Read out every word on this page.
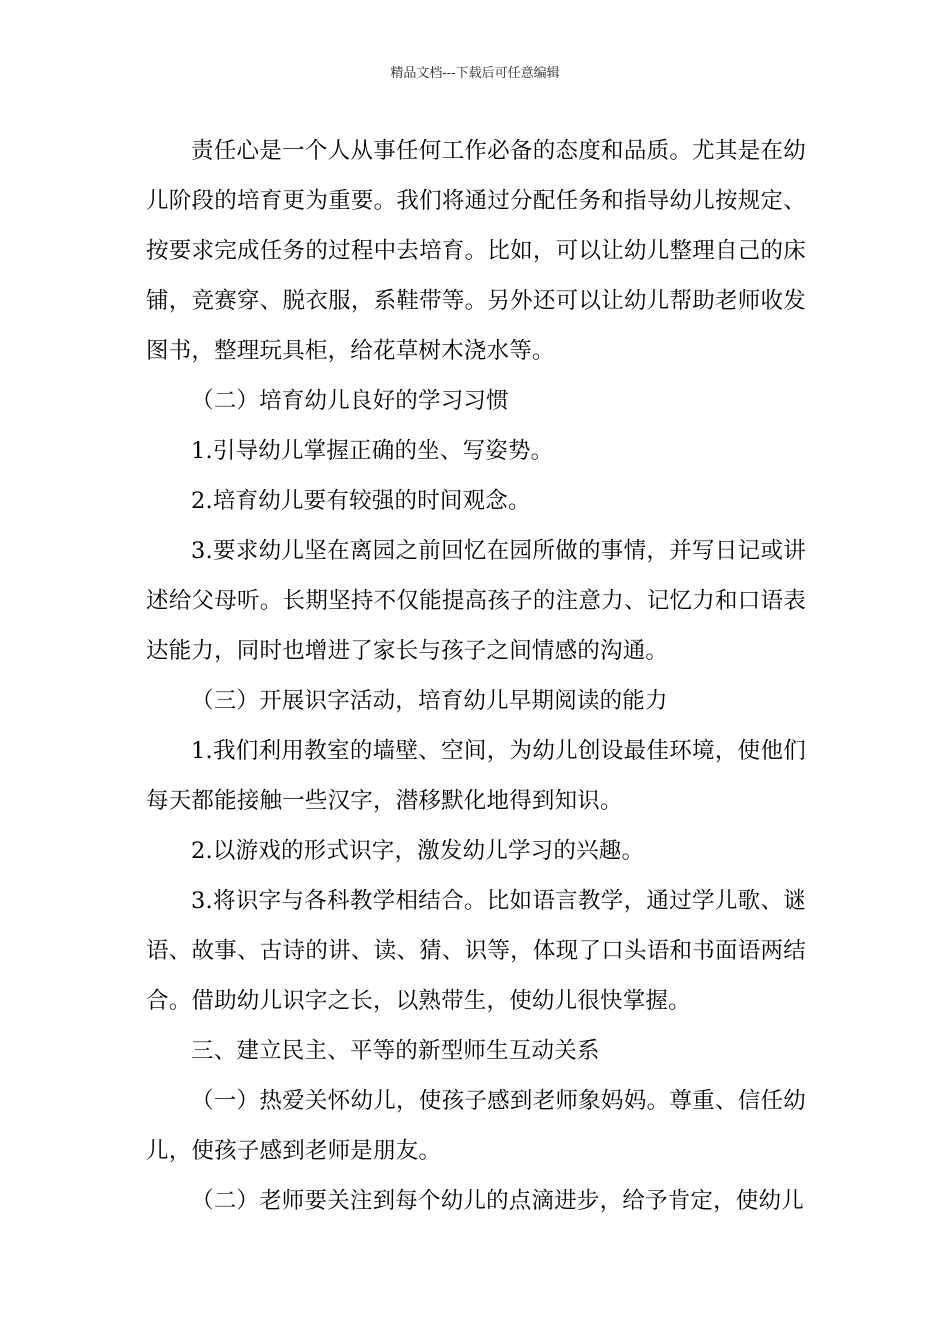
精品文档---下载后可任意编辑

责任心是一个人从事任何工作必备的态度和品质。尤其是在幼儿阶段的培育更为重要。我们将通过分配任务和指导幼儿按规定、按要求完成任务的过程中去培育。比如，可以让幼儿整理自己的床铺，竞赛穿、脱衣服，系鞋带等。另外还可以让幼儿帮助老师收发图书，整理玩具柜，给花草树木浇水等。

（二）培育幼儿良好的学习习惯

1.引导幼儿掌握正确的坐、写姿势。

2.培育幼儿要有较强的时间观念。

3.要求幼儿坚在离园之前回忆在园所做的事情，并写日记或讲述给父母听。长期坚持不仅能提高孩子的注意力、记忆力和口语表达能力，同时也增进了家长与孩子之间情感的沟通。

（三）开展识字活动，培育幼儿早期阅读的能力

1.我们利用教室的墙壁、空间，为幼儿创设最佳环境，使他们每天都能接触一些汉字，潜移默化地得到知识。

2.以游戏的形式识字，激发幼儿学习的兴趣。

3.将识字与各科教学相结合。比如语言教学，通过学儿歌、谜语、故事、古诗的讲、读、猜、识等，体现了口头语和书面语两结合。借助幼儿识字之长，以熟带生，使幼儿很快掌握。

三、建立民主、平等的新型师生互动关系

（一）热爱关怀幼儿，使孩子感到老师象妈妈。尊重、信任幼儿，使孩子感到老师是朋友。

（二）老师要关注到每个幼儿的点滴进步，给予肯定，使幼儿
